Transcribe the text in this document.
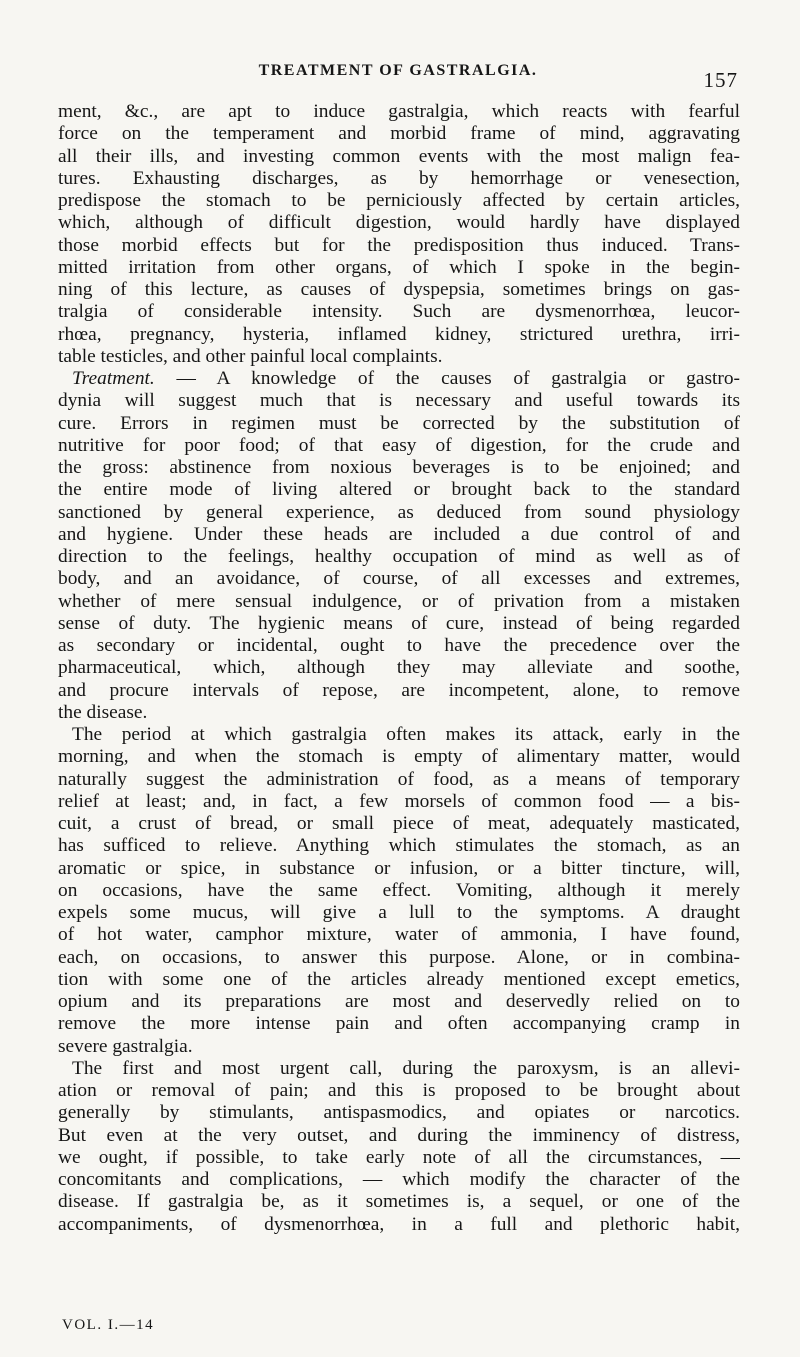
TREATMENT OF GASTRALGIA.	157
ment, &c., are apt to induce gastralgia, which reacts with fearful
force on the temperament and morbid frame of mind, aggravating
all their ills, and investing common events with the most malign fea-
tures. Exhausting discharges, as by hemorrhage or venesection,
predispose the stomach to be perniciously affected by certain articles,
which, although of difficult digestion, would hardly have displayed
those morbid effects but for the predisposition thus induced. Trans-
mitted irritation from other organs, of which I spoke in the begin-
ning of this lecture, as causes of dyspepsia, sometimes brings on gas-
tralgia of considerable intensity. Such are dysmenorrhœa, leucor-
rhœa, pregnancy, hysteria, inflamed kidney, strictured urethra, irri-
table testicles, and other painful local complaints.
Treatment. — A knowledge of the causes of gastralgia or gastro-
dynia will suggest much that is necessary and useful towards its
cure. Errors in regimen must be corrected by the substitution of
nutritive for poor food; of that easy of digestion, for the crude and
the gross: abstinence from noxious beverages is to be enjoined; and
the entire mode of living altered or brought back to the standard
sanctioned by general experience, as deduced from sound physiology
and hygiene. Under these heads are included a due control of and
direction to the feelings, healthy occupation of mind as well as of
body, and an avoidance, of course, of all excesses and extremes,
whether of mere sensual indulgence, or of privation from a mistaken
sense of duty. The hygienic means of cure, instead of being regarded
as secondary or incidental, ought to have the precedence over the
pharmaceutical, which, although they may alleviate and soothe,
and procure intervals of repose, are incompetent, alone, to remove
the disease.
The period at which gastralgia often makes its attack, early in the
morning, and when the stomach is empty of alimentary matter, would
naturally suggest the administration of food, as a means of temporary
relief at least; and, in fact, a few morsels of common food — a bis-
cuit, a crust of bread, or small piece of meat, adequately masticated,
has sufficed to relieve. Anything which stimulates the stomach, as an
aromatic or spice, in substance or infusion, or a bitter tincture, will,
on occasions, have the same effect. Vomiting, although it merely
expels some mucus, will give a lull to the symptoms. A draught
of hot water, camphor mixture, water of ammonia, I have found,
each, on occasions, to answer this purpose. Alone, or in combina-
tion with some one of the articles already mentioned except emetics,
opium and its preparations are most and deservedly relied on to
remove the more intense pain and often accompanying cramp in
severe gastralgia.
The first and most urgent call, during the paroxysm, is an allevi-
ation or removal of pain; and this is proposed to be brought about
generally by stimulants, antispasmodics, and opiates or narcotics.
But even at the very outset, and during the imminency of distress,
we ought, if possible, to take early note of all the circumstances, —
concomitants and complications, — which modify the character of the
disease. If gastralgia be, as it sometimes is, a sequel, or one of the
accompaniments, of dysmenorrhœa, in a full and plethoric habit,
VOL. I.—14
